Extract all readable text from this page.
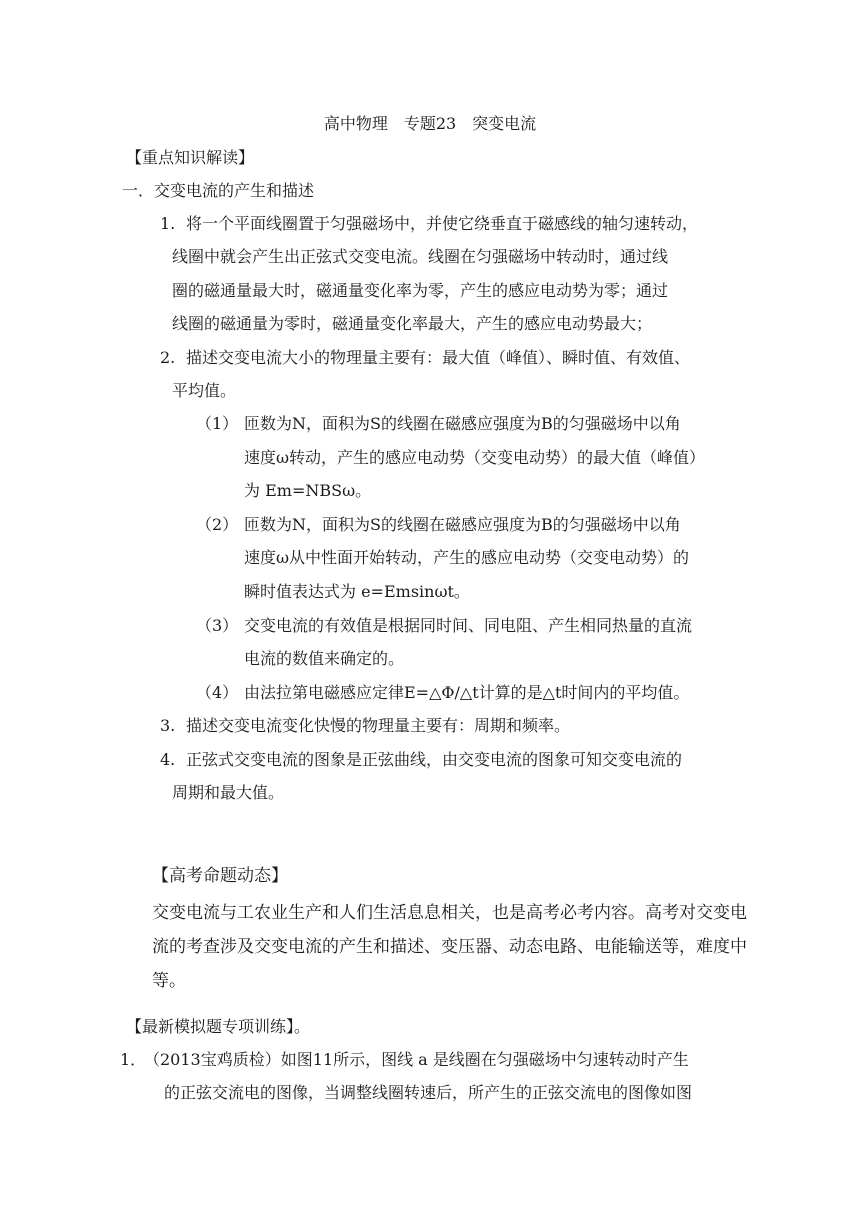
高中物理　专题23　突变电流
【重点知识解读】
一．交变电流的产生和描述
1. 将一个平面线圈置于匀强磁场中，并使它绕垂直于磁感线的轴匀速转动，
线圈中就会产生出正弦式交变电流。线圈在匀强磁场中转动时，通过线
圈的磁通量最大时，磁通量变化率为零，产生的感应电动势为零；通过
线圈的磁通量为零时，磁通量变化率最大，产生的感应电动势最大；
2. 描述交变电流大小的物理量主要有：最大值（峰值）、瞬时值、有效值、
平均值。
（1） 匝数为N，面积为S的线圈在磁感应强度为B的匀强磁场中以角
速度ω转动，产生的感应电动势（交变电动势）的最大值（峰值）
为 Em=NBSω。
（2） 匝数为N，面积为S的线圈在磁感应强度为B的匀强磁场中以角
速度ω从中性面开始转动，产生的感应电动势（交变电动势）的
瞬时值表达式为 e=Emsinωt。
（3） 交变电流的有效值是根据同时间、同电阻、产生相同热量的直流
电流的数值来确定的。
（4） 由法拉第电磁感应定律E=△Φ/△t计算的是△t时间内的平均值。
3. 描述交变电流变化快慢的物理量主要有：周期和频率。
4. 正弦式交变电流的图象是正弦曲线，由交变电流的图象可知交变电流的
周期和最大值。
【高考命题动态】
交变电流与工农业生产和人们生活息息相关，也是高考必考内容。高考对交变电
流的考查涉及交变电流的产生和描述、变压器、动态电路、电能输送等，难度中
等。
【最新模拟题专项训练】。
1．
（2013宝鸡质检）如图11所示，图线 a 是线圈在匀强磁场中匀速转动时产生
的正弦交流电的图像，当调整线圈转速后，所产生的正弦交流电的图像如图
